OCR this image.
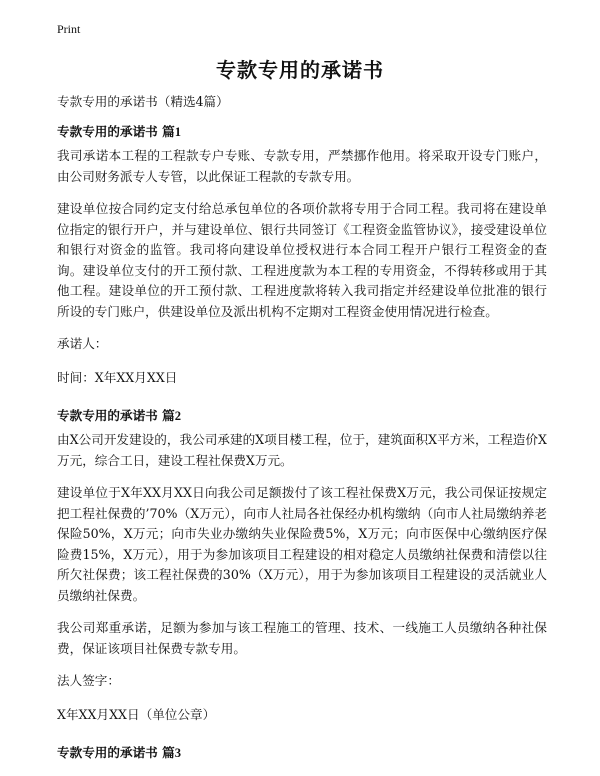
Print
专款专用的承诺书
专款专用的承诺书（精选4篇）
专款专用的承诺书 篇1

我司承诺本工程的工程款专户专账、专款专用，严禁挪作他用。将采取开设专门账户，由公司财务派专人专管，以此保证工程款的专款专用。

建设单位按合同约定支付给总承包单位的各项价款将专用于合同工程。我司将在建设单位指定的银行开户，并与建设单位、银行共同签订《工程资金监管协议》，接受建设单位和银行对资金的监管。我司将向建设单位授权进行本合同工程开户银行工程资金的查询。建设单位支付的开工预付款、工程进度款为本工程的专用资金，不得转移或用于其他工程。建设单位的开工预付款、工程进度款将转入我司指定并经建设单位批准的银行所设的专门账户，供建设单位及派出机构不定期对工程资金使用情况进行检查。

承诺人：

时间：X年XX月XX日

专款专用的承诺书 篇2

由X公司开发建设的，我公司承建的X项目楼工程，位于，建筑面积X平方米，工程造价X万元，综合工日，建设工程社保费X万元。

建设单位于X年XX月XX日向我公司足额拨付了该工程社保费X万元，我公司保证按规定把工程社保费的’70%（X万元），向市人社局各社保经办机构缴纳（向市人社局缴纳养老保险50%，X万元；向市失业办缴纳失业保险费5%，X万元；向市医保中心缴纳医疗保险费15%，X万元），用于为参加该项目工程建设的相对稳定人员缴纳社保费和清偿以往所欠社保费；该工程社保费的30%（X万元），用于为参加该项目工程建设的灵活就业人员缴纳社保费。

我公司郑重承诺，足额为参加与该工程施工的管理、技术、一线施工人员缴纳各种社保费，保证该项目社保费专款专用。

法人签字：

X年XX月XX日（单位公章）

专款专用的承诺书 篇3
